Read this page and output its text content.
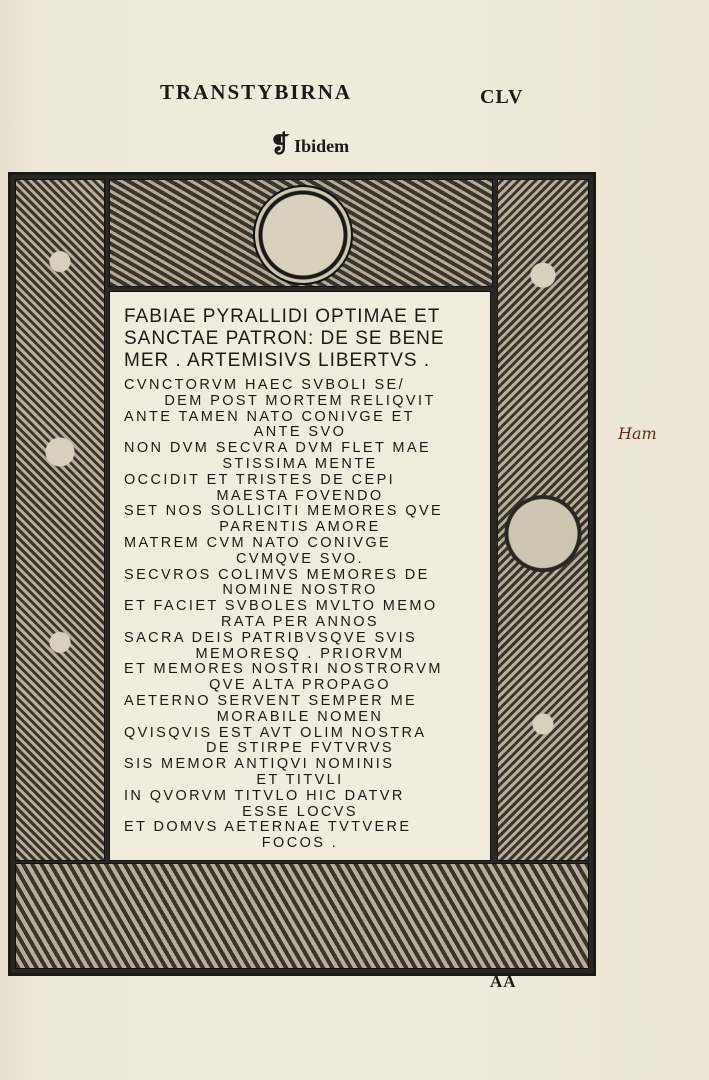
TRANSTYBIRNA	CLV
❡ Ibidem
FABIAE PYRALLIDI OPTIMAE ET
SANCTAE PATRON: DE SE BENE
MER . ARTEMISIVS LIBERTVS .
CVNCTORVM HAEC SVBOLI SE/
DEM POST MORTEM RELIQVIT
ANTE TAMEN NATO CONIVGE ET
ANTE SVO
NON DVM SECVRA DVM FLET MAE
STISSIMA MENTE
OCCIDIT ET TRISTES DE CEPI
MAESTA FOVENDO
SET NOS SOLLICITI MEMORES QVE
PARENTIS AMORE
MATREM CVM NATO CONIVGE
CVMQVE SVO.
SECVROS COLIMVS MEMORES DE
NOMINE NOSTRO
ET FACIET SVBOLES MVLTO MEMO
RATA PER ANNOS
SACRA DEIS PATRIBVSQVE SVIS
MEMORESQ . PRIORVM
ET MEMORES NOSTRI NOSTRORVM
QVE ALTA PROPAGO
AETERNO SERVENT SEMPER ME
MORABILE NOMEN
QVISQVIS EST AVT OLIM NOSTRA
DE STIRPE FVTVRVS
SIS MEMOR ANTIQVI NOMINIS
ET TITVLI
IN QVORVM TITVLO HIC DATVR
ESSE LOCVS
ET DOMVS AETERNAE TVTVERE
FOCOS .
Ham
AA
